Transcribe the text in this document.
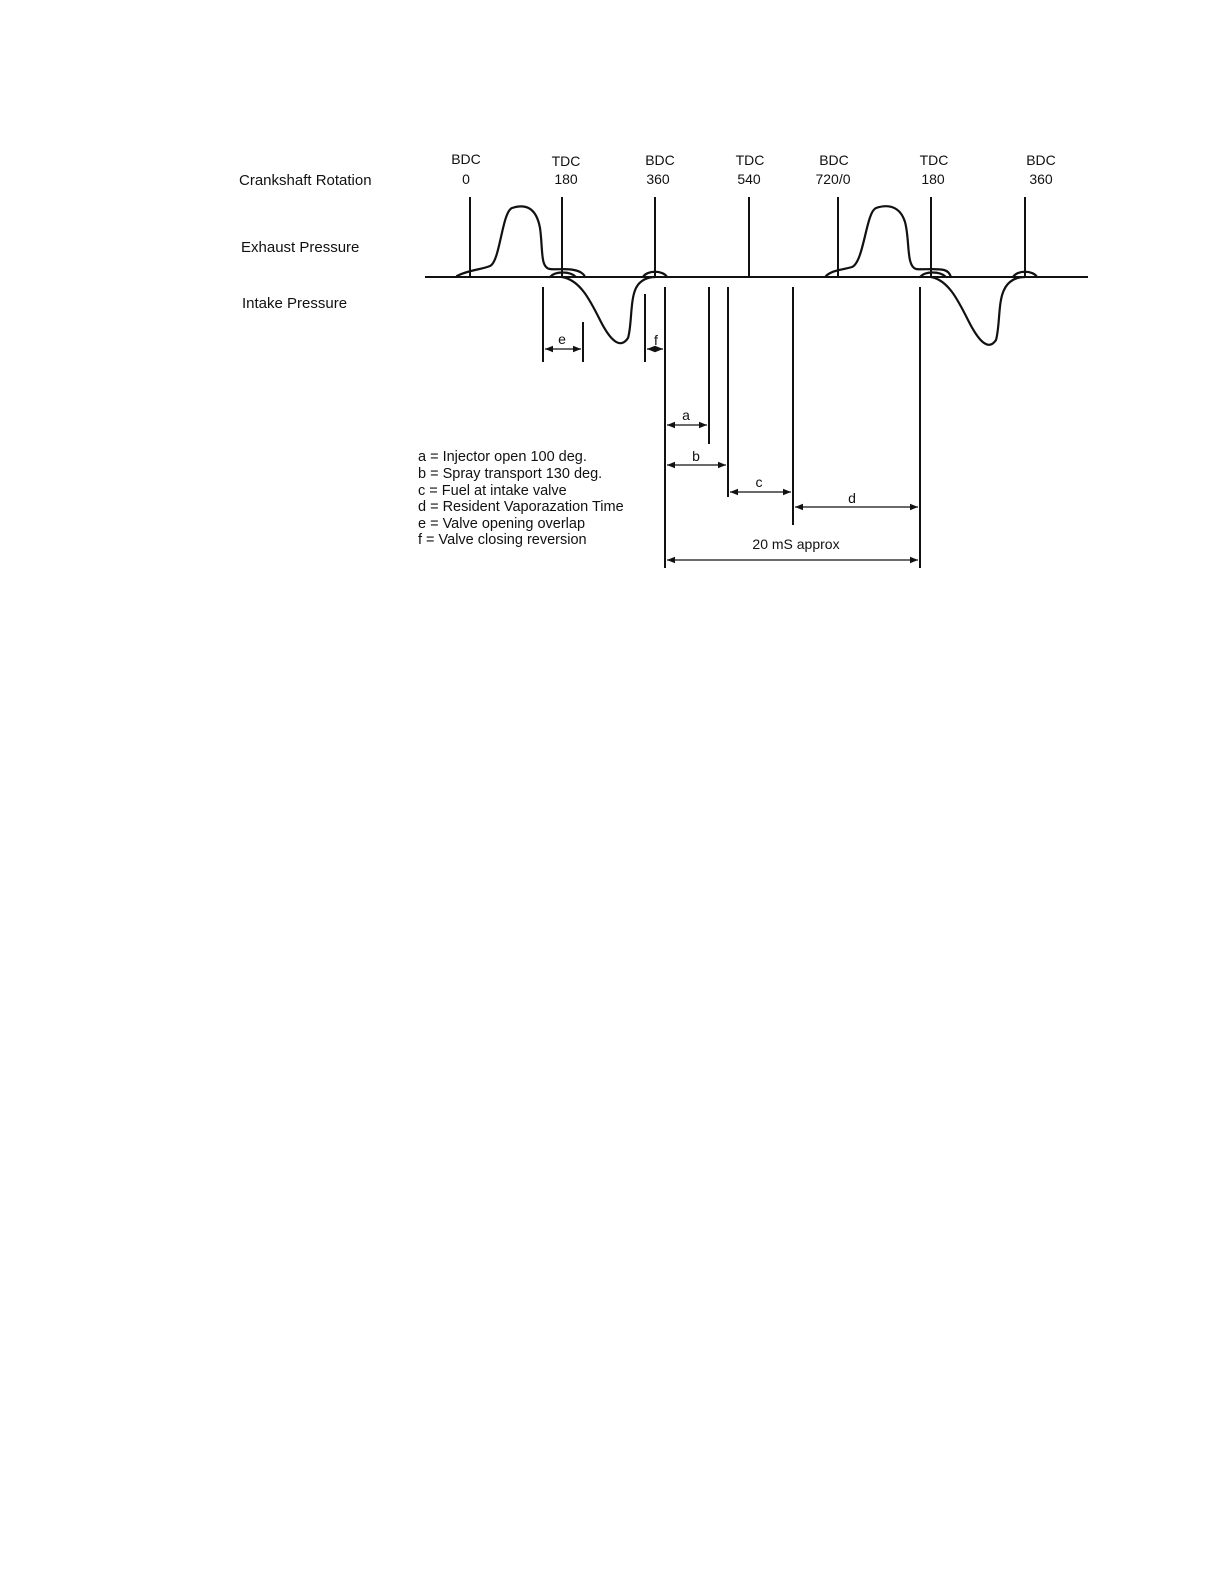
Crankshaft Rotation
Exhaust Pressure
Intake Pressure
BDC
0
TDC
180
BDC
360
TDC
540
BDC
720/0
TDC
180
BDC
360
e	f
a
b
c
d
20 mS approx
a = Injector open 100 deg.
b = Spray transport 130 deg.
c = Fuel at intake valve
d = Resident Vaporazation Time
e = Valve opening overlap
f = Valve closing reversion
